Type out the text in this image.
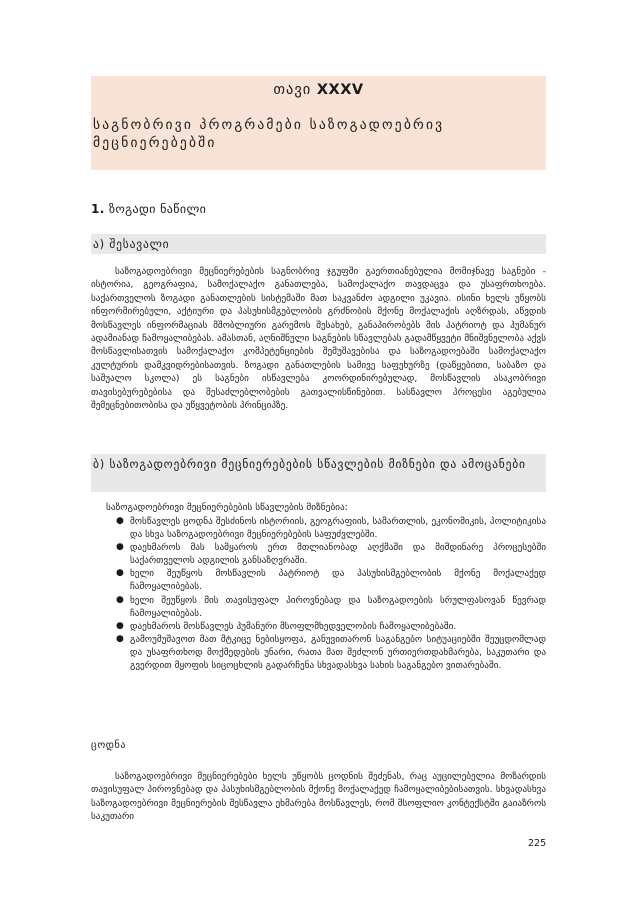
თავი XXXV
საგნობრივი პროგრამები საზოგადოებრივ მეცნიერებებში
1. ზოგადი ნაწილი
ა) შესავალი
საზოგადოებრივი მეცნიერებების საგნობრივ ჯგუფში გაერთიანებულია მომიჯნავე საგნები - ისტორია, გეოგრაფია, სამოქალაქო განათლება, სამოქალაქო თავდაცვა და უსაფრთხოება. საქართველოს ზოგადი განათლების სისტემაში მათ საკვანძო ადგილი უკავია. ისინი ხელს უწყობს ინფორმირებული, აქტიური და პასუხისმგებლობის გრძნობის მქონე მოქალაქის აღზრდას, აწვდის მოსწავლეს ინფორმაციას მშობლიური გარემოს შესახებ, განაპირობებს მის პატრიოტ და ჰუმანურ ადამიანად ჩამოყალიბებას. ამასთან, აღნიშნული საგნების სწავლებას გადამწყვეტი მნიშვნელობა აქვს მოსწავლისათვის სამოქალაქო კომპეტენციების შემუშავებისა და საზოგადოებაში სამოქალაქო კულტურის დამკვიდრებისათვის. ზოგადი განათლების სამივე საფეხურზე (დაწყებითი, საბაზო და საშუალო სკოლა) ეს საგნები ისწავლება კოორდინირებულად, მოსწავლის ასაკობრივი თავისებურებებისა და შესაძლებლობების გათვალისწინებით. სასწავლო პროცესი აგებულია შემეცნებითობისა და უწყვეტობის პრინციპზე.
ბ) საზოგადოებრივი მეცნიერებების სწავლების მიზნები და ამოცანები
საზოგადოებრივი მეცნიერებების სწავლების მიზნებია:
● მოსწავლეს ცოდნა შესძინოს ისტორიის, გეოგრაფიის, სამართლის, ეკონომიკის, პოლიტიკისა და სხვა საზოგადოებრივი მეცნიერებების საფუძვლებში.
● დაეხმაროს მას სამყაროს ერთ მთლიანობად აღქმაში და მიმდინარე პროცესებში საქართველოს ადგილის განსაზღვრაში.
● ხელი შეუწყოს მოსწავლის პატრიოტ და პასუხისმგებლობის მქონე მოქალაქედ ჩამოყალიბებას.
● ხელი შეუწყოს მის თავისუფალ პიროვნებად და საზოგადოების სრულფასოვან წევრად ჩამოყალიბებას.
● დაეხმაროს მოსწავლეს ჰუმანური მსოფლმხედველობის ჩამოყალიბებაში.
● გამოუმუშავოთ მათ მტკიცე ნებისყოფა, განუვითარონ საგანგებო სიტუაციებში შეუცდომლად და უსაფრთხოდ მოქმედების უნარი, რათა მათ შეძლონ ურთიერთდახმარება, საკუთარი და გვერდით მყოფის სიცოცხლის გადარჩენა სხვადასხვა სახის საგანგებო ვითარებაში.
ცოდნა
საზოგადოებრივი მეცნიერებები ხელს უწყობს ცოდნის შეძენას, რაც აუცილებელია მოზარდის თავისუფალ პიროვნებად და პასუხისმგებლობის მქონე მოქალაქედ ჩამოყალიბებისათვის. სხვადასხვა საზოგადოებრივი მეცნიერების შესწავლა ეხმარება მოსწავლეს, რომ მსოფლიო კონტექსტში გაიაზროს საკუთარი
225
